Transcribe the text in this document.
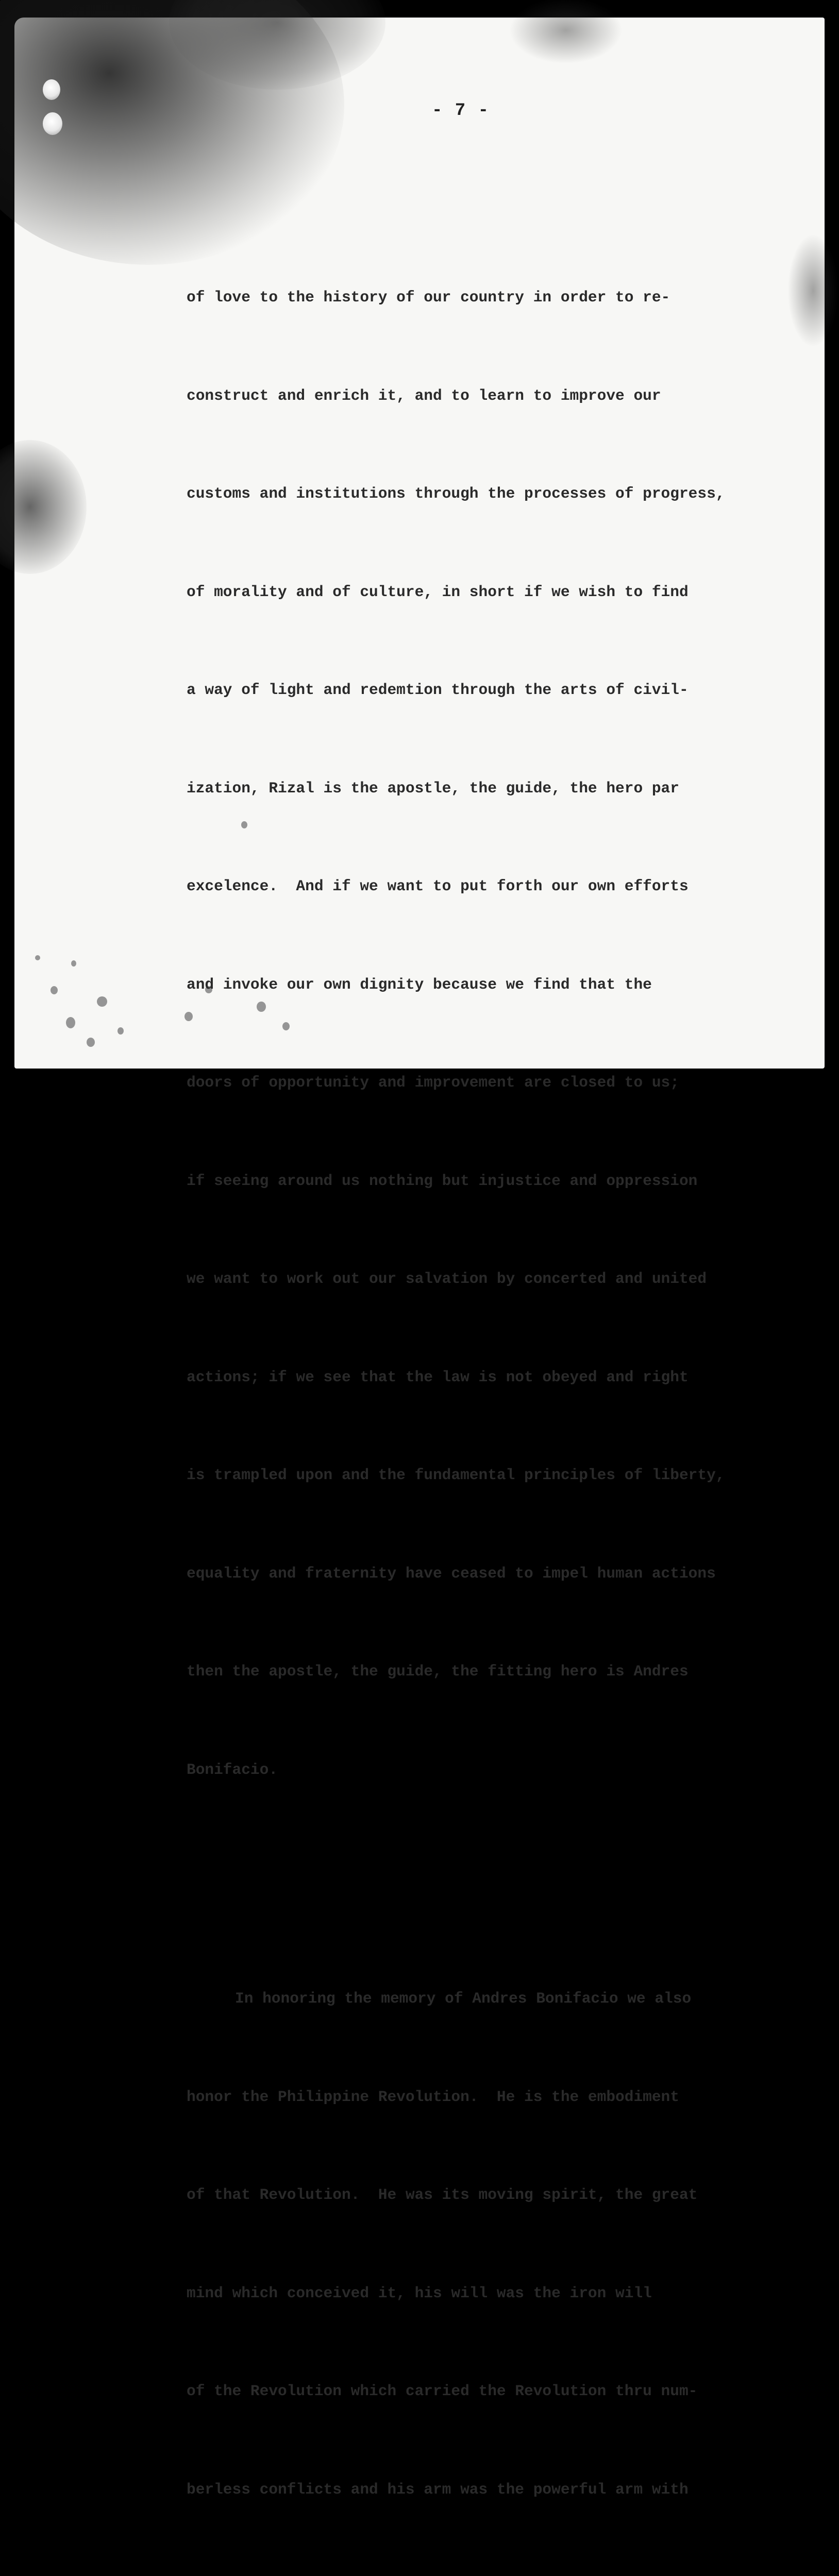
- 7 -

of love to the history of our country in order to re-

construct and enrich it, and to learn to improve our

customs and institutions through the processes of progress,

of morality and of culture, in short if we wish to find

a way of light and redemtion through the arts of civil-

ization, Rizal is the apostle, the guide, the hero par

excelence.  And if we want to put forth our own efforts

and invoke our own dignity because we find that the

doors of opportunity and improvement are closed to us;

if seeing around us nothing but injustice and oppression

we want to work out our salvation by concerted and united

actions; if we see that the law is not obeyed and right

is trampled upon and the fundamental principles of liberty,

equality and fraternity have ceased to impel human actions

then the apostle, the guide, the fitting hero is Andres

Bonifacio.

In honoring the memory of Andres Bonifacio we also

honor the Philippine Revolution.  He is the embodiment

of that Revolution.  He was its moving spirit, the great

mind which conceived it, his will was the iron will

of the Revolution which carried the Revolution thru num-

berless conflicts and his arm was the powerful arm with
